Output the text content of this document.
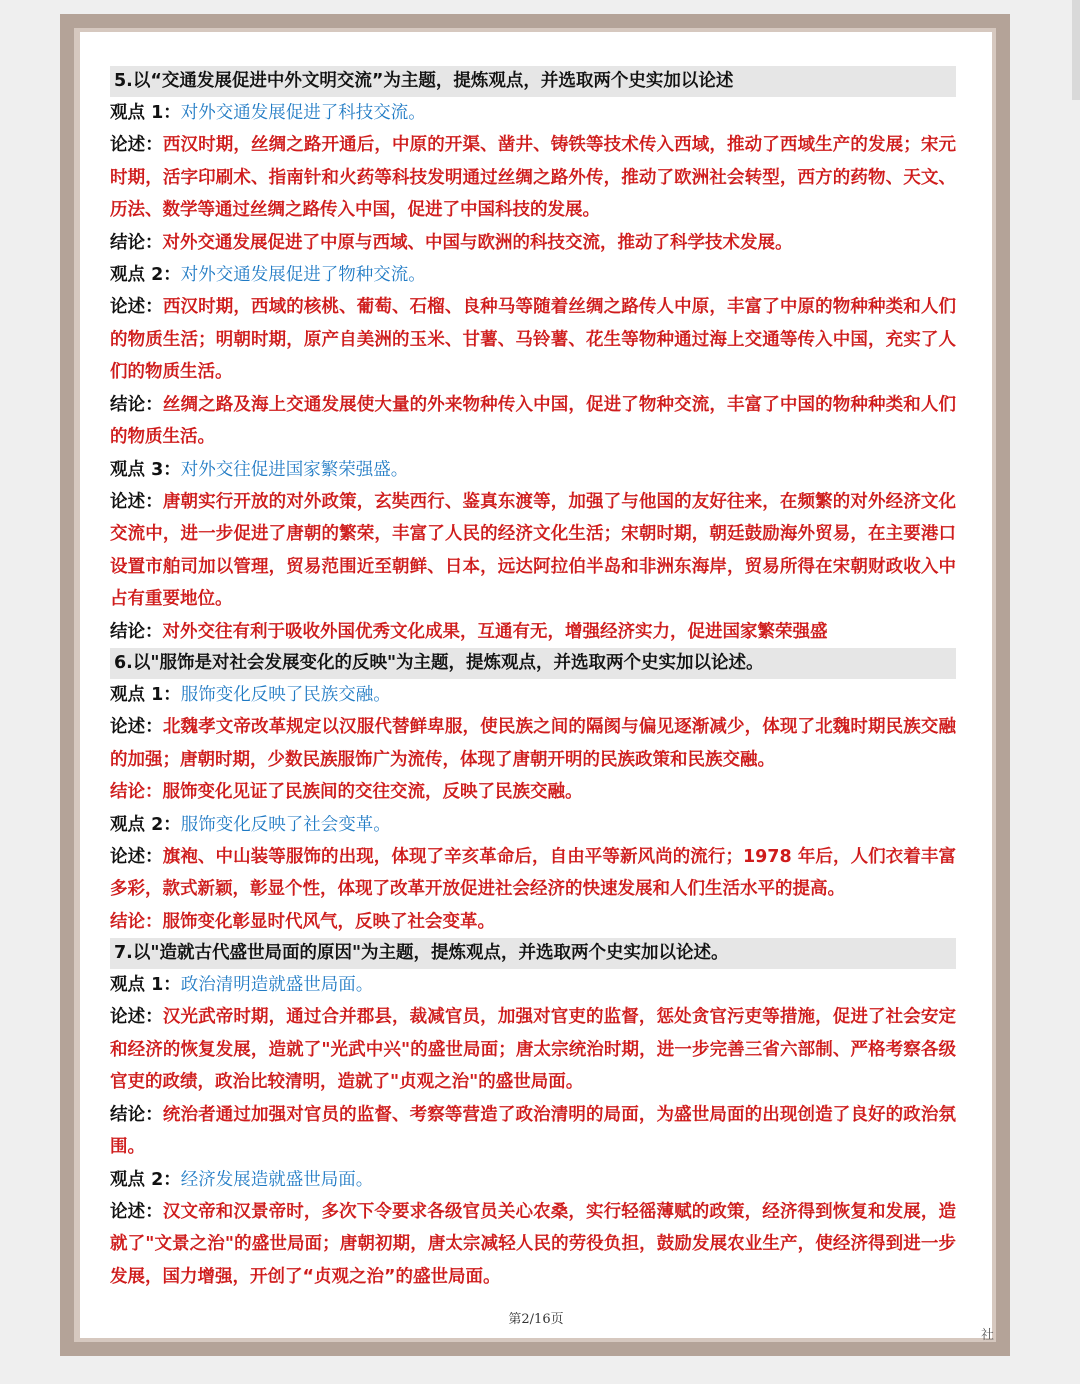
5.以“交通发展促进中外文明交流”为主题，提炼观点，并选取两个史实加以论述

观点 1：对外交通发展促进了科技交流。

论述：西汉时期，丝绸之路开通后，中原的开渠、凿井、铸铁等技术传入西域，推动了西域生产的发展；宋元时期，活字印刷术、指南针和火药等科技发明通过丝绸之路外传，推动了欧洲社会转型，西方的药物、天文、历法、数学等通过丝绸之路传入中国，促进了中国科技的发展。

结论：对外交通发展促进了中原与西域、中国与欧洲的科技交流，推动了科学技术发展。

观点 2：对外交通发展促进了物种交流。

论述：西汉时期，西域的核桃、葡萄、石榴、良种马等随着丝绸之路传人中原，丰富了中原的物种种类和人们的物质生活；明朝时期，原产自美洲的玉米、甘薯、马铃薯、花生等物种通过海上交通等传入中国，充实了人们的物质生活。

结论：丝绸之路及海上交通发展使大量的外来物种传入中国，促进了物种交流，丰富了中国的物种种类和人们的物质生活。

观点 3：对外交往促进国家繁荣强盛。

论述：唐朝实行开放的对外政策，玄奘西行、鉴真东渡等，加强了与他国的友好往来，在频繁的对外经济文化交流中，进一步促进了唐朝的繁荣，丰富了人民的经济文化生活；宋朝时期，朝廷鼓励海外贸易，在主要港口设置市舶司加以管理，贸易范围近至朝鲜、日本，远达阿拉伯半岛和非洲东海岸，贸易所得在宋朝财政收入中占有重要地位。

结论：对外交往有利于吸收外国优秀文化成果，互通有无，增强经济实力，促进国家繁荣强盛

6.以"服饰是对社会发展变化的反映"为主题，提炼观点，并选取两个史实加以论述。

观点 1：服饰变化反映了民族交融。

论述：北魏孝文帝改革规定以汉服代替鲜卑服，使民族之间的隔阂与偏见逐渐减少，体现了北魏时期民族交融的加强；唐朝时期，少数民族服饰广为流传，体现了唐朝开明的民族政策和民族交融。

结论：服饰变化见证了民族间的交往交流，反映了民族交融。

观点 2：服饰变化反映了社会变革。

论述：旗袍、中山装等服饰的出现，体现了辛亥革命后，自由平等新风尚的流行；1978 年后，人们衣着丰富多彩，款式新颖，彰显个性，体现了改革开放促进社会经济的快速发展和人们生活水平的提高。

结论：服饰变化彰显时代风气，反映了社会变革。

7.以"造就古代盛世局面的原因"为主题，提炼观点，并选取两个史实加以论述。

观点 1：政治清明造就盛世局面。

论述：汉光武帝时期，通过合并郡县，裁减官员，加强对官吏的监督，惩处贪官污吏等措施，促进了社会安定和经济的恢复发展，造就了"光武中兴"的盛世局面；唐太宗统治时期，进一步完善三省六部制、严格考察各级官吏的政绩，政治比较清明，造就了"贞观之治"的盛世局面。

结论：统治者通过加强对官员的监督、考察等营造了政治清明的局面，为盛世局面的出现创造了良好的政治氛围。

观点 2：经济发展造就盛世局面。

论述：汉文帝和汉景帝时，多次下令要求各级官员关心农桑，实行轻徭薄赋的政策，经济得到恢复和发展，造就了"文景之治"的盛世局面；唐朝初期，唐太宗减轻人民的劳役负担，鼓励发展农业生产，使经济得到进一步发展，国力增强，开创了“贞观之治”的盛世局面。

第2/16页
社
